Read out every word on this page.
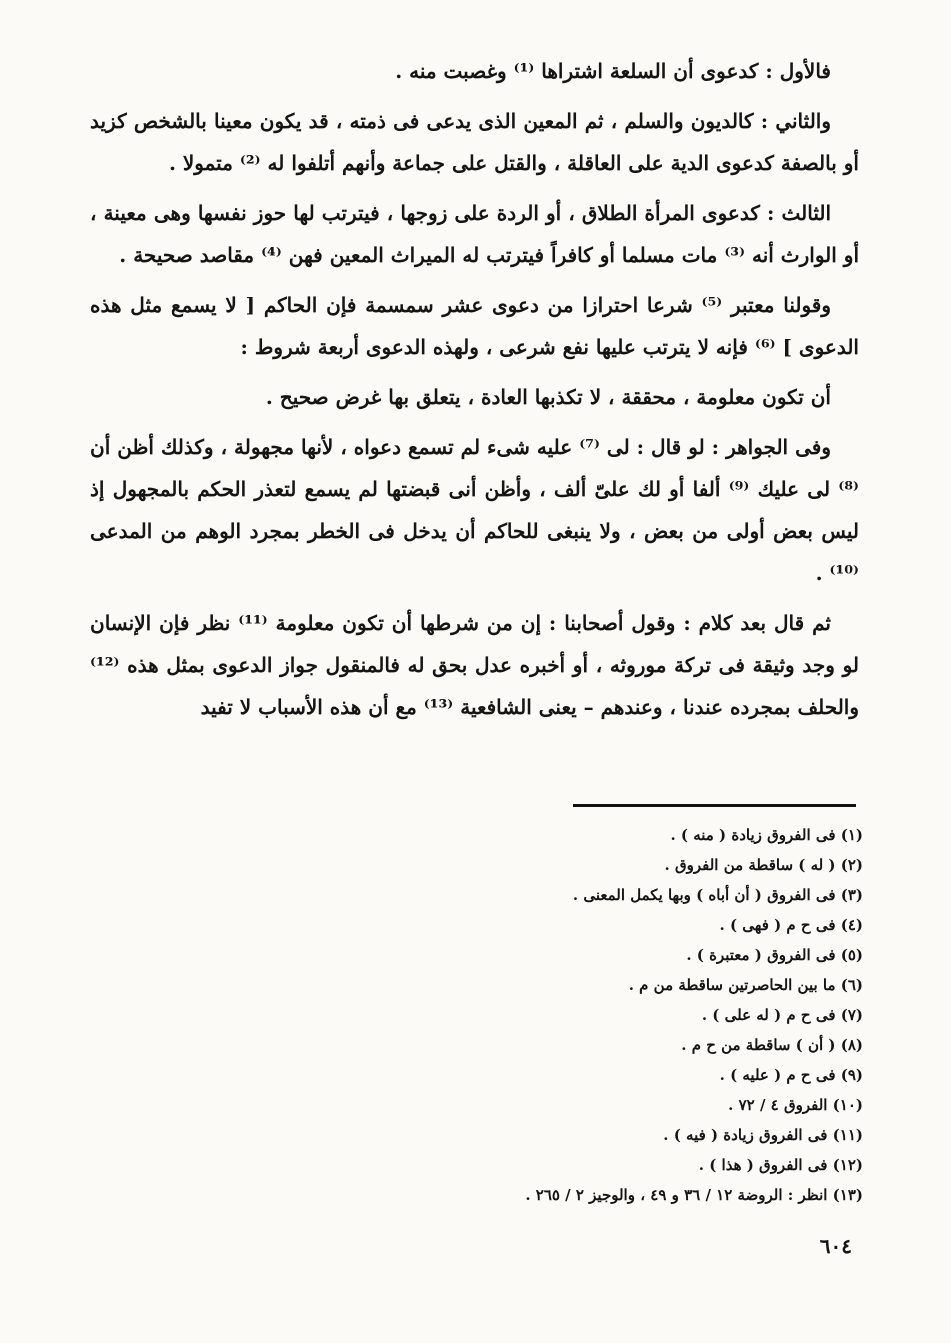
فالأول : كدعوى أن السلعة اشتراها ⁽¹⁾ وغصبت منه .

والثاني : كالديون والسلم ، ثم المعين الذى يدعى فى ذمته ، قد يكون معينا بالشخص كزيد أو بالصفة كدعوى الدية على العاقلة ، والقتل على جماعة وأنهم أتلفوا له ⁽²⁾ متمولا .

الثالث : كدعوى المرأة الطلاق ، أو الردة على زوجها ، فيترتب لها حوز نفسها وهى معينة ، أو الوارث أنه ⁽³⁾ مات مسلما أو كافراً فيترتب له الميراث المعين فهن ⁽⁴⁾ مقاصد صحيحة .

وقولنا معتبر ⁽⁵⁾ شرعا احترازا من دعوى عشر سمسمة فإن الحاكم [ لا يسمع مثل هذه الدعوى ] ⁽⁶⁾ فإنه لا يترتب عليها نفع شرعى ، ولهذه الدعوى أربعة شروط :

أن تكون معلومة ، محققة ، لا تكذبها العادة ، يتعلق بها غرض صحيح .

وفى الجواهر : لو قال : لى ⁽⁷⁾ عليه شىء لم تسمع دعواه ، لأنها مجهولة ، وكذلك أظن أن ⁽⁸⁾ لى عليك ⁽⁹⁾ ألفا أو لك علىّ ألف ، وأظن أنى قبضتها لم يسمع لتعذر الحكم بالمجهول إذ ليس بعض أولى من بعض ، ولا ينبغى للحاكم أن يدخل فى الخطر بمجرد الوهم من المدعى ⁽¹⁰⁾ .

ثم قال بعد كلام : وقول أصحابنا : إن من شرطها أن تكون معلومة ⁽¹¹⁾ نظر فإن الإنسان لو وجد وثيقة فى تركة موروثه ، أو أخبره عدل بحق له فالمنقول جواز الدعوى بمثل هذه ⁽¹²⁾ والحلف بمجرده عندنا ، وعندهم – يعنى الشافعية ⁽¹³⁾ مع أن هذه الأسباب لا تفيد

(١) فى الفروق زيادة ( منه ) .
(٢) ( له ) ساقطة من الفروق .
(٣) فى الفروق ( أن أباه ) وبها يكمل المعنى .
(٤) فى ح م ( فهى ) .
(٥) فى الفروق ( معتبرة ) .
(٦) ما بين الحاصرتين ساقطة من م .
(٧) فى ح م ( له على ) .
(٨) ( أن ) ساقطة من ح م .
(٩) فى ح م ( عليه ) .
(١٠) الفروق ٤ / ٧٢ .
(١١) فى الفروق زيادة ( فيه ) .
(١٢) فى الفروق ( هذا ) .
(١٣) انظر : الروضة ١٢ / ٣٦ و ٤٩ ، والوجيز ٢ / ٢٦٥ .
٦٠٤
